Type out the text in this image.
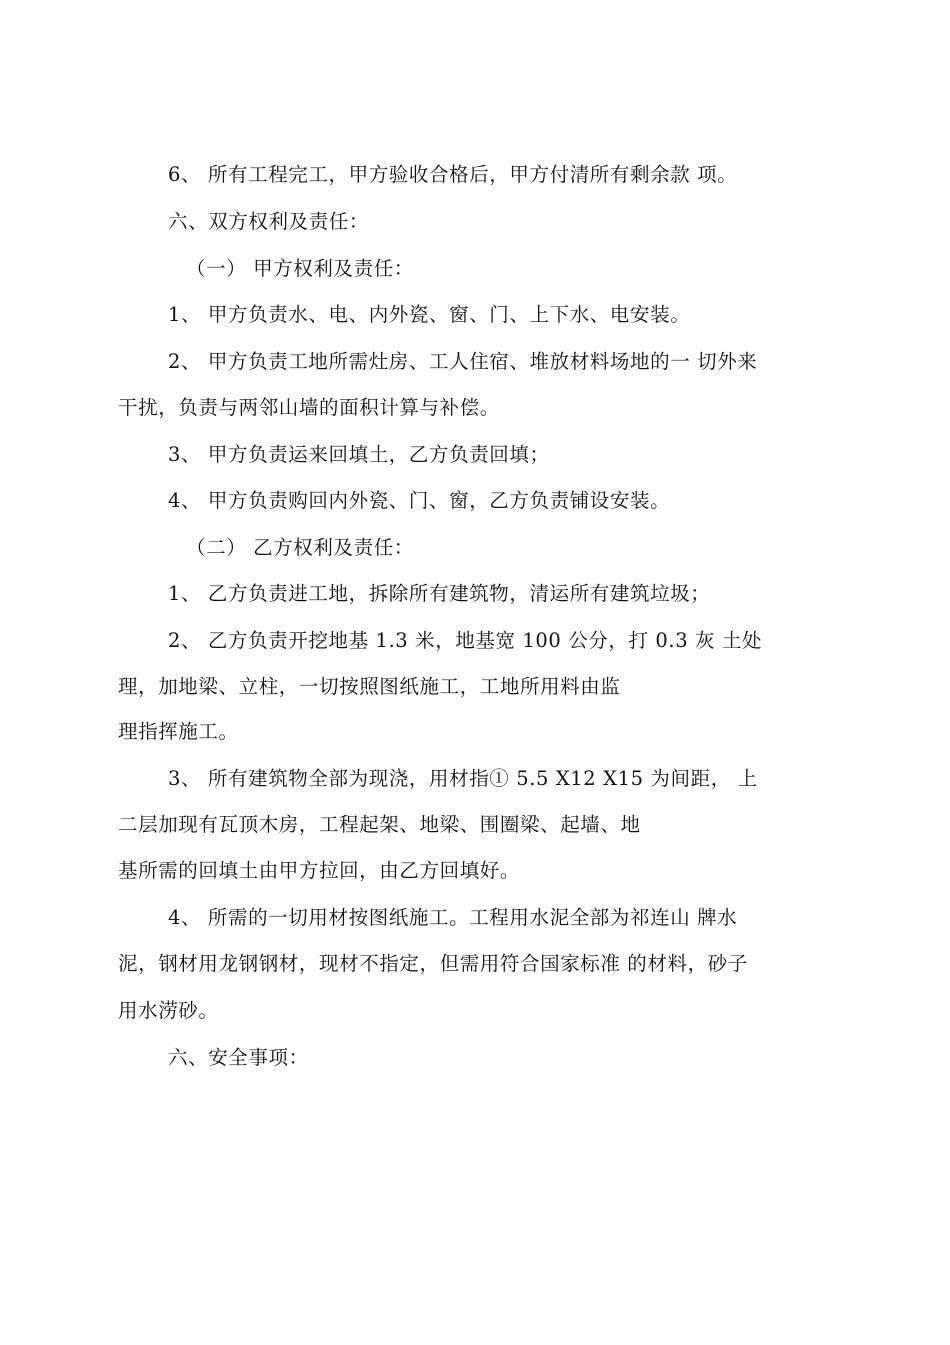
6、 所有工程完工，甲方验收合格后，甲方付清所有剩余款 项。
六、双方权利及责任：
（一） 甲方权利及责任：
1、 甲方负责水、电、内外瓷、窗、门、上下水、电安装。
2、 甲方负责工地所需灶房、工人住宿、堆放材料场地的一 切外来
干扰，负责与两邻山墙的面积计算与补偿。
3、 甲方负责运来回填土，乙方负责回填；
4、 甲方负责购回内外瓷、门、窗，乙方负责铺设安装。
（二） 乙方权利及责任：
1、 乙方负责进工地，拆除所有建筑物，清运所有建筑垃圾；
2、 乙方负责开挖地基 1.3 米，地基宽 100 公分，打 0.3 灰 土处
理，加地梁、立柱，一切按照图纸施工，工地所用料由监
理指挥施工。
3、 所有建筑物全部为现浇，用材指① 5.5 X12 X15 为间距， 上
二层加现有瓦顶木房，工程起架、地梁、围圈梁、起墙、地
基所需的回填土由甲方拉回，由乙方回填好。
4、 所需的一切用材按图纸施工。工程用水泥全部为祁连山 牌水
泥，钢材用龙钢钢材，现材不指定，但需用符合国家标准 的材料，砂子
用水涝砂。
六、安全事项：
